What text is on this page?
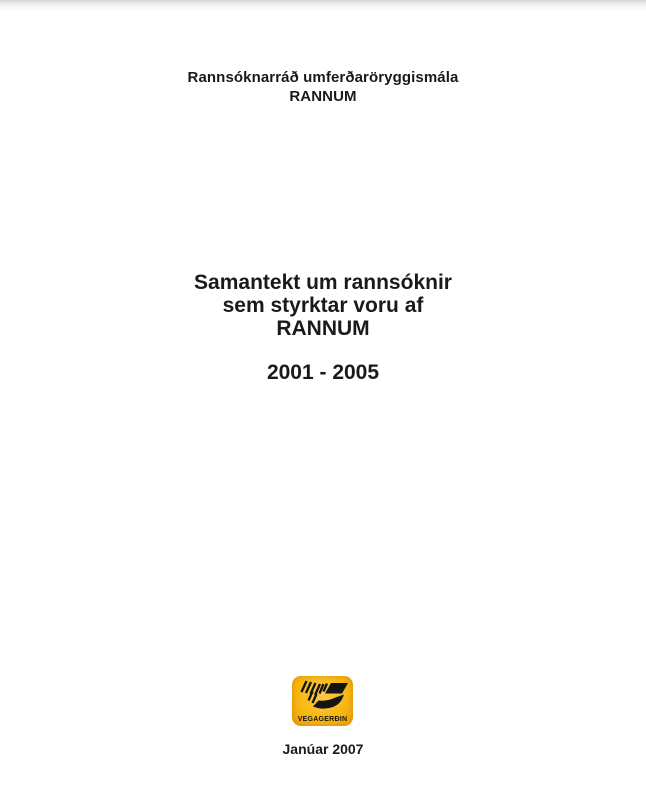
Rannsóknarráð umferðaröryggismála
RANNUM
Samantekt um rannsóknir
sem styrktar voru af
RANNUM
2001 - 2005
VEGAGERÐIN
Janúar 2007
